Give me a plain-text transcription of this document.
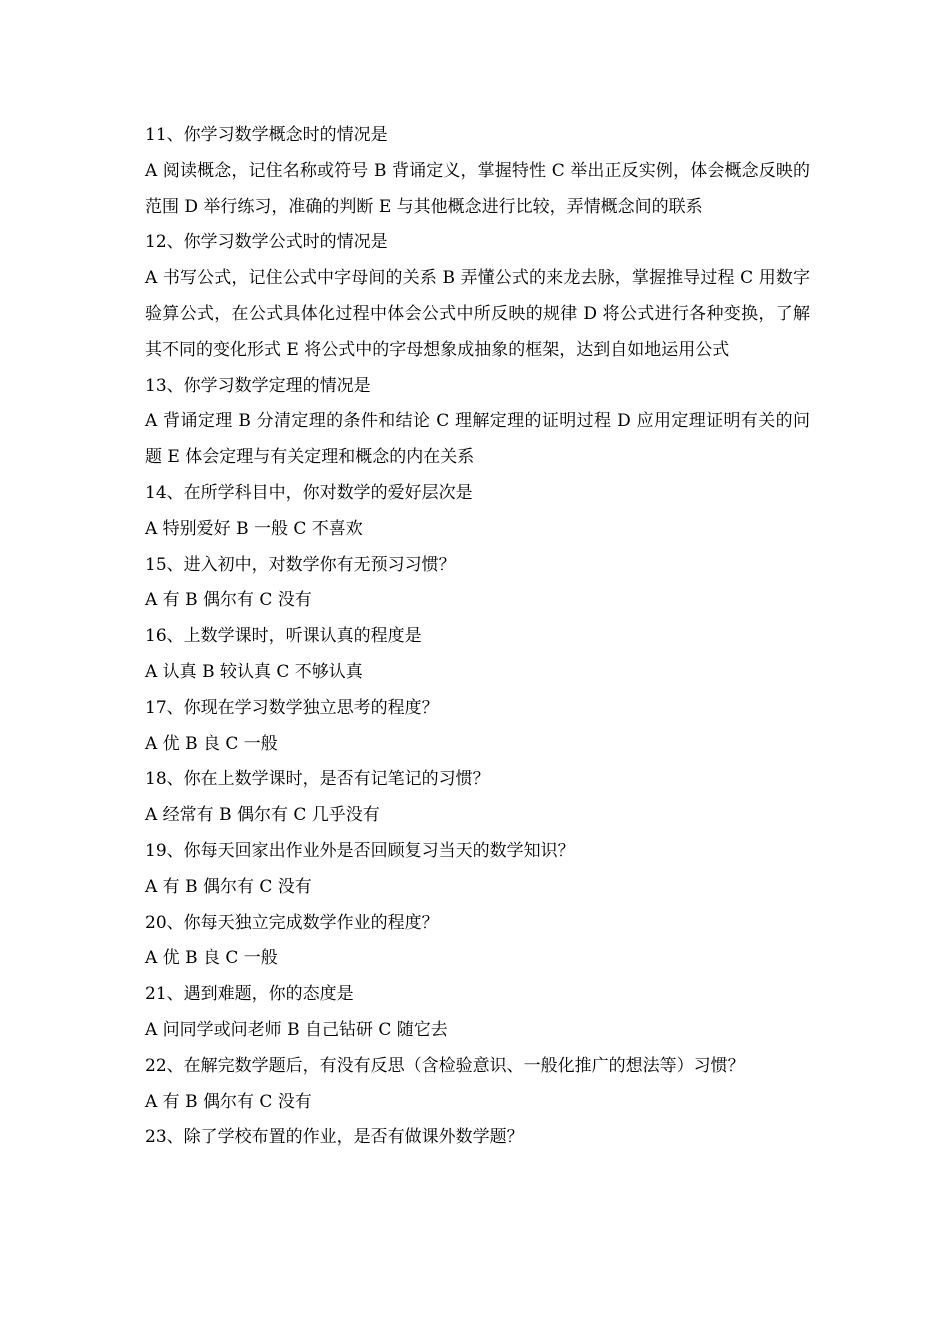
11、你学习数学概念时的情况是

A 阅读概念，记住名称或符号 B 背诵定义，掌握特性 C 举出正反实例，体会概念反映的范围 D 举行练习，准确的判断 E 与其他概念进行比较，弄情概念间的联系

12、你学习数学公式时的情况是

A 书写公式，记住公式中字母间的关系 B 弄懂公式的来龙去脉，掌握推导过程 C 用数字验算公式，在公式具体化过程中体会公式中所反映的规律 D 将公式进行各种变换，了解其不同的变化形式 E 将公式中的字母想象成抽象的框架，达到自如地运用公式

13、你学习数学定理的情况是

A 背诵定理 B 分清定理的条件和结论 C 理解定理的证明过程 D 应用定理证明有关的问题 E 体会定理与有关定理和概念的内在关系

14、在所学科目中，你对数学的爱好层次是

A 特别爱好 B 一般 C 不喜欢

15、进入初中，对数学你有无预习习惯？

A 有 B 偶尔有 C 没有

16、上数学课时，听课认真的程度是

A 认真 B 较认真 C 不够认真

17、你现在学习数学独立思考的程度？

A 优 B 良 C 一般

18、你在上数学课时，是否有记笔记的习惯？

A 经常有 B 偶尔有 C 几乎没有

19、你每天回家出作业外是否回顾复习当天的数学知识？

A 有 B 偶尔有 C 没有

20、你每天独立完成数学作业的程度？

A 优 B 良 C 一般

21、遇到难题，你的态度是

A 问同学或问老师 B 自己钻研 C 随它去

22、在解完数学题后，有没有反思（含检验意识、一般化推广的想法等）习惯？

A 有 B 偶尔有 C 没有

23、除了学校布置的作业，是否有做课外数学题？
